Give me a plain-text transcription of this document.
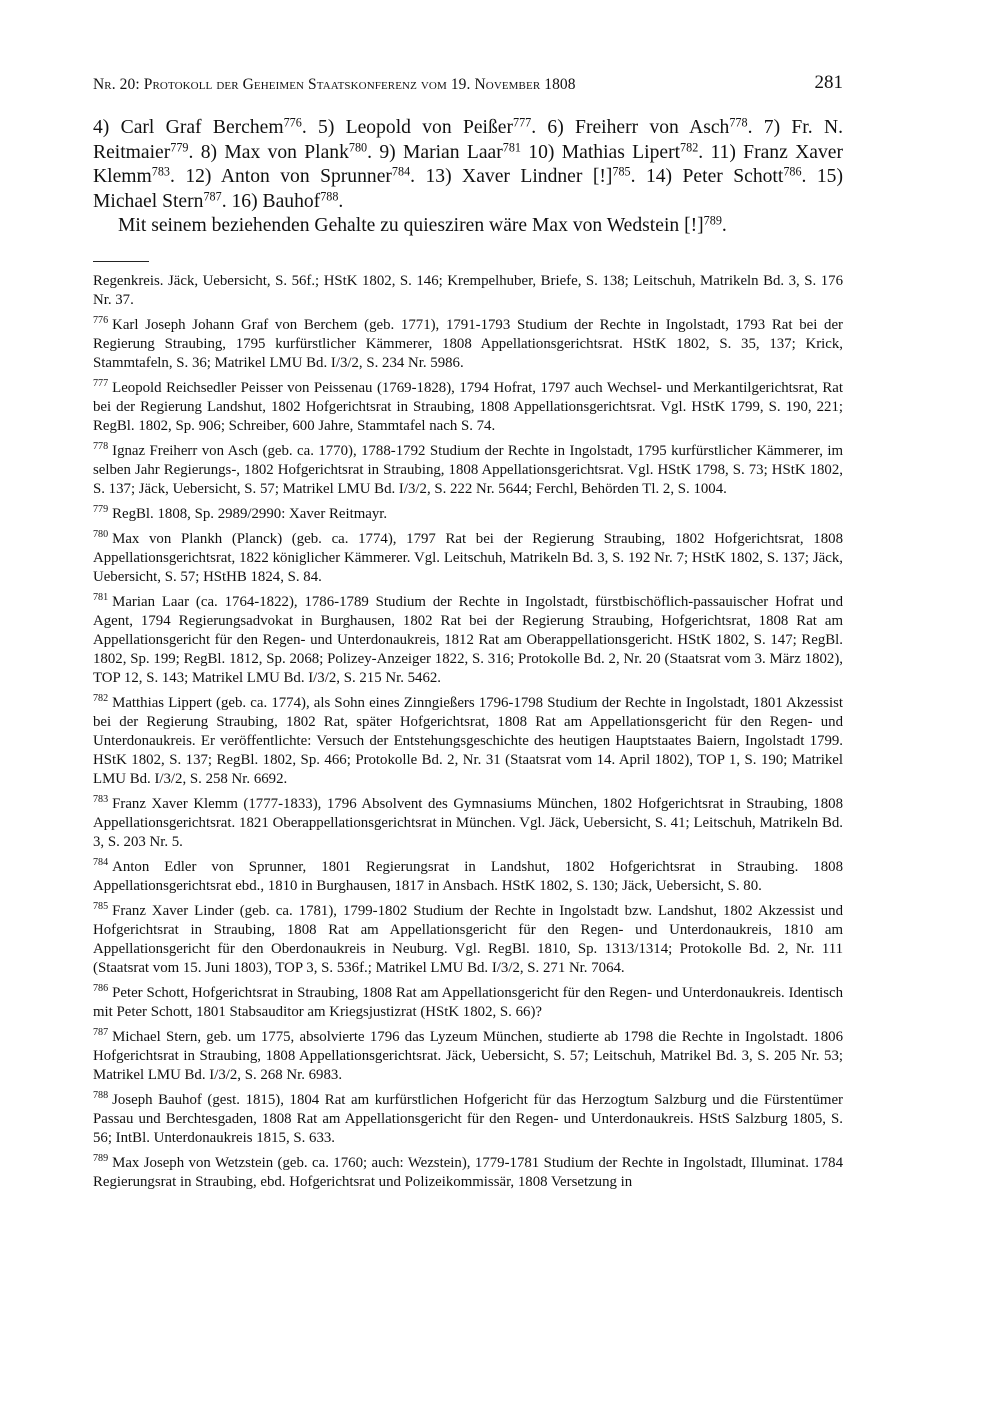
Nr. 20: Protokoll der Geheimen Staatskonferenz vom 19. November 1808	281

4) Carl Graf Berchem$^{776}$. 5) Leopold von Peißer$^{777}$. 6) Freiherr von Asch$^{778}$. 7) Fr. N. Reitmaier$^{779}$. 8) Max von Plank$^{780}$. 9) Marian Laar$^{781}$ 10) Mathias Lipert$^{782}$. 11) Franz Xaver Klemm$^{783}$. 12) Anton von Sprunner$^{784}$. 13) Xaver Lindner [!]$^{785}$. 14) Peter Schott$^{786}$. 15) Michael Stern$^{787}$. 16) Bauhof$^{788}$.

Mit seinem beziehenden Gehalte zu quiesziren wäre Max von Wedstein [!]$^{789}$.

Regenkreis. Jäck, Uebersicht, S. 56f.; HStK 1802, S. 146; Krempelhuber, Briefe, S. 138; Leitschuh, Matrikeln Bd. 3, S. 176 Nr. 37.

$^{776}$ Karl Joseph Johann Graf von Berchem (geb. 1771), 1791-1793 Studium der Rechte in Ingolstadt, 1793 Rat bei der Regierung Straubing, 1795 kurfürstlicher Kämmerer, 1808 Appellationsgerichtsrat. HStK 1802, S. 35, 137; Krick, Stammtafeln, S. 36; Matrikel LMU Bd. I/3/2, S. 234 Nr. 5986.

$^{777}$ Leopold Reichsedler Peisser von Peissenau (1769-1828), 1794 Hofrat, 1797 auch Wechsel- und Merkantilgerichtsrat, Rat bei der Regierung Landshut, 1802 Hofgerichtsrat in Straubing, 1808 Appellationsgerichtsrat. Vgl. HStK 1799, S. 190, 221; RegBl. 1802, Sp. 906; Schreiber, 600 Jahre, Stammtafel nach S. 74.

$^{778}$ Ignaz Freiherr von Asch (geb. ca. 1770), 1788-1792 Studium der Rechte in Ingolstadt, 1795 kurfürstlicher Kämmerer, im selben Jahr Regierungs-, 1802 Hofgerichtsrat in Straubing, 1808 Appellationsgerichtsrat. Vgl. HStK 1798, S. 73; HStK 1802, S. 137; Jäck, Uebersicht, S. 57; Matrikel LMU Bd. I/3/2, S. 222 Nr. 5644; Ferchl, Behörden Tl. 2, S. 1004.

$^{779}$ RegBl. 1808, Sp. 2989/2990: Xaver Reitmayr.

$^{780}$ Max von Plankh (Planck) (geb. ca. 1774), 1797 Rat bei der Regierung Straubing, 1802 Hofgerichtsrat, 1808 Appellationsgerichtsrat, 1822 königlicher Kämmerer. Vgl. Leitschuh, Matrikeln Bd. 3, S. 192 Nr. 7; HStK 1802, S. 137; Jäck, Uebersicht, S. 57; HStHB 1824, S. 84.

$^{781}$ Marian Laar (ca. 1764-1822), 1786-1789 Studium der Rechte in Ingolstadt, fürstbischöflich-passauischer Hofrat und Agent, 1794 Regierungsadvokat in Burghausen, 1802 Rat bei der Regierung Straubing, Hofgerichtsrat, 1808 Rat am Appellationsgericht für den Regen- und Unterdonaukreis, 1812 Rat am Oberappellationsgericht. HStK 1802, S. 147; RegBl. 1802, Sp. 199; RegBl. 1812, Sp. 2068; Polizey-Anzeiger 1822, S. 316; Protokolle Bd. 2, Nr. 20 (Staatsrat vom 3. März 1802), TOP 12, S. 143; Matrikel LMU Bd. I/3/2, S. 215 Nr. 5462.

$^{782}$ Matthias Lippert (geb. ca. 1774), als Sohn eines Zinngießers 1796-1798 Studium der Rechte in Ingolstadt, 1801 Akzessist bei der Regierung Straubing, 1802 Rat, später Hofgerichtsrat, 1808 Rat am Appellationsgericht für den Regen- und Unterdonaukreis. Er veröffentlichte: Versuch der Entstehungsgeschichte des heutigen Hauptstaates Baiern, Ingolstadt 1799. HStK 1802, S. 137; RegBl. 1802, Sp. 466; Protokolle Bd. 2, Nr. 31 (Staatsrat vom 14. April 1802), TOP 1, S. 190; Matrikel LMU Bd. I/3/2, S. 258 Nr. 6692.

$^{783}$ Franz Xaver Klemm (1777-1833), 1796 Absolvent des Gymnasiums München, 1802 Hofgerichtsrat in Straubing, 1808 Appellationsgerichtsrat. 1821 Oberappellationsgerichtsrat in München. Vgl. Jäck, Uebersicht, S. 41; Leitschuh, Matrikeln Bd. 3, S. 203 Nr. 5.

$^{784}$ Anton Edler von Sprunner, 1801 Regierungsrat in Landshut, 1802 Hofgerichtsrat in Straubing. 1808 Appellationsgerichtsrat ebd., 1810 in Burghausen, 1817 in Ansbach. HStK 1802, S. 130; Jäck, Uebersicht, S. 80.

$^{785}$ Franz Xaver Linder (geb. ca. 1781), 1799-1802 Studium der Rechte in Ingolstadt bzw. Landshut, 1802 Akzessist und Hofgerichtsrat in Straubing, 1808 Rat am Appellationsgericht für den Regen- und Unterdonaukreis, 1810 am Appellationsgericht für den Oberdonaukreis in Neuburg. Vgl. RegBl. 1810, Sp. 1313/1314; Protokolle Bd. 2, Nr. 111 (Staatsrat vom 15. Juni 1803), TOP 3, S. 536f.; Matrikel LMU Bd. I/3/2, S. 271 Nr. 7064.

$^{786}$ Peter Schott, Hofgerichtsrat in Straubing, 1808 Rat am Appellationsgericht für den Regen- und Unterdonaukreis. Identisch mit Peter Schott, 1801 Stabsauditor am Kriegsjustizrat (HStK 1802, S. 66)?

$^{787}$ Michael Stern, geb. um 1775, absolvierte 1796 das Lyzeum München, studierte ab 1798 die Rechte in Ingolstadt. 1806 Hofgerichtsrat in Straubing, 1808 Appellationsgerichtsrat. Jäck, Uebersicht, S. 57; Leitschuh, Matrikel Bd. 3, S. 205 Nr. 53; Matrikel LMU Bd. I/3/2, S. 268 Nr. 6983.

$^{788}$ Joseph Bauhof (gest. 1815), 1804 Rat am kurfürstlichen Hofgericht für das Herzogtum Salzburg und die Fürstentümer Passau und Berchtesgaden, 1808 Rat am Appellationsgericht für den Regen- und Unterdonaukreis. HStS Salzburg 1805, S. 56; IntBl. Unterdonaukreis 1815, S. 633.

$^{789}$ Max Joseph von Wetzstein (geb. ca. 1760; auch: Wezstein), 1779-1781 Studium der Rechte in Ingolstadt, Illuminat. 1784 Regierungsrat in Straubing, ebd. Hofgerichtsrat und Polizeikommissär, 1808 Versetzung in
